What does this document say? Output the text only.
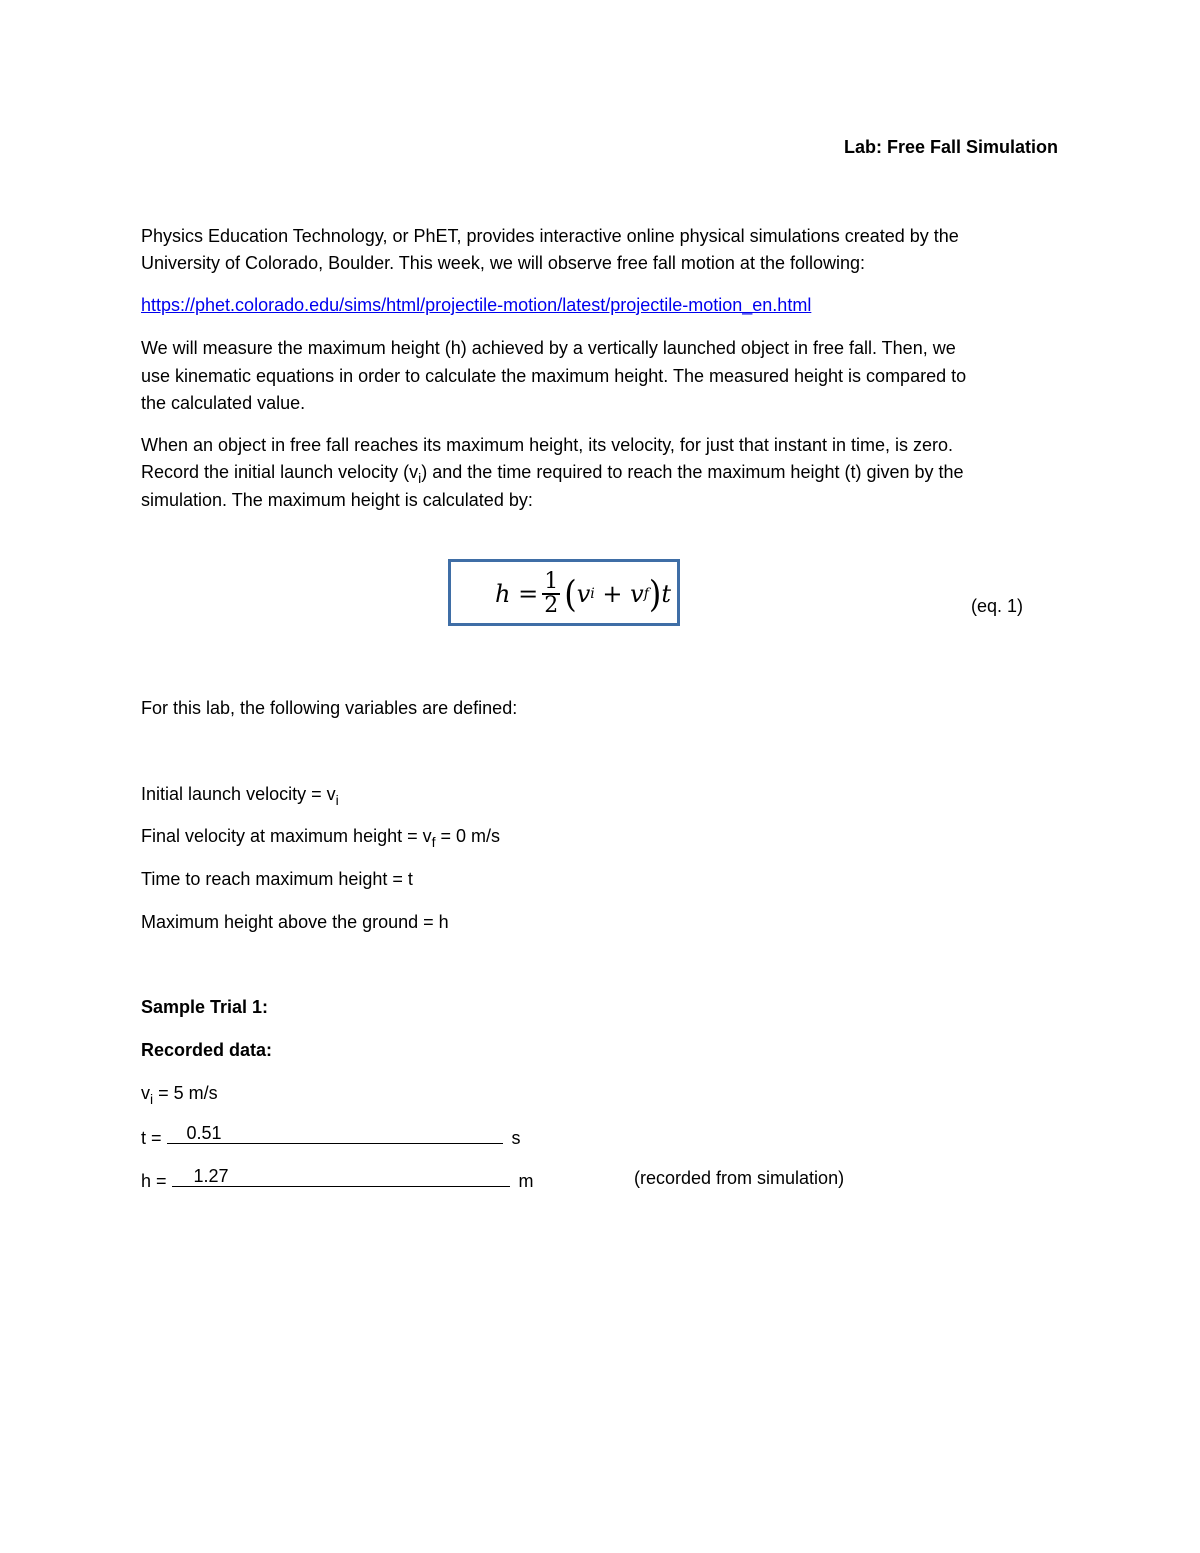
Lab: Free Fall Simulation
Physics Education Technology, or PhET, provides interactive online physical simulations created by the
University of Colorado, Boulder. This week, we will observe free fall motion at the following:
https://phet.colorado.edu/sims/html/projectile-motion/latest/projectile-motion_en.html
We will measure the maximum height (h) achieved by a vertically launched object in free fall. Then, we
use kinematic equations in order to calculate the maximum height. The measured height is compared to
the calculated value.
When an object in free fall reaches its maximum height, its velocity, for just that instant in time, is zero.
Record the initial launch velocity $(v_i)$ and the time required to reach the maximum height (t) given by the
simulation. The maximum height is calculated by:
$h = \frac{1}{2}$ ( v i
+
v f ) t	(eq. 1)
For this lab, the following variables are defined:
Initial launch velocity = $v_i$
Final velocity at maximum height = $v_f = 0$ m/s
Time to reach maximum height = t
Maximum height above the ground = h
Sample Trial 1:
Recorded data:
$v_i = 5$ m/s
t = 0.51	s
h = 1.27	m	(recorded from simulation)
